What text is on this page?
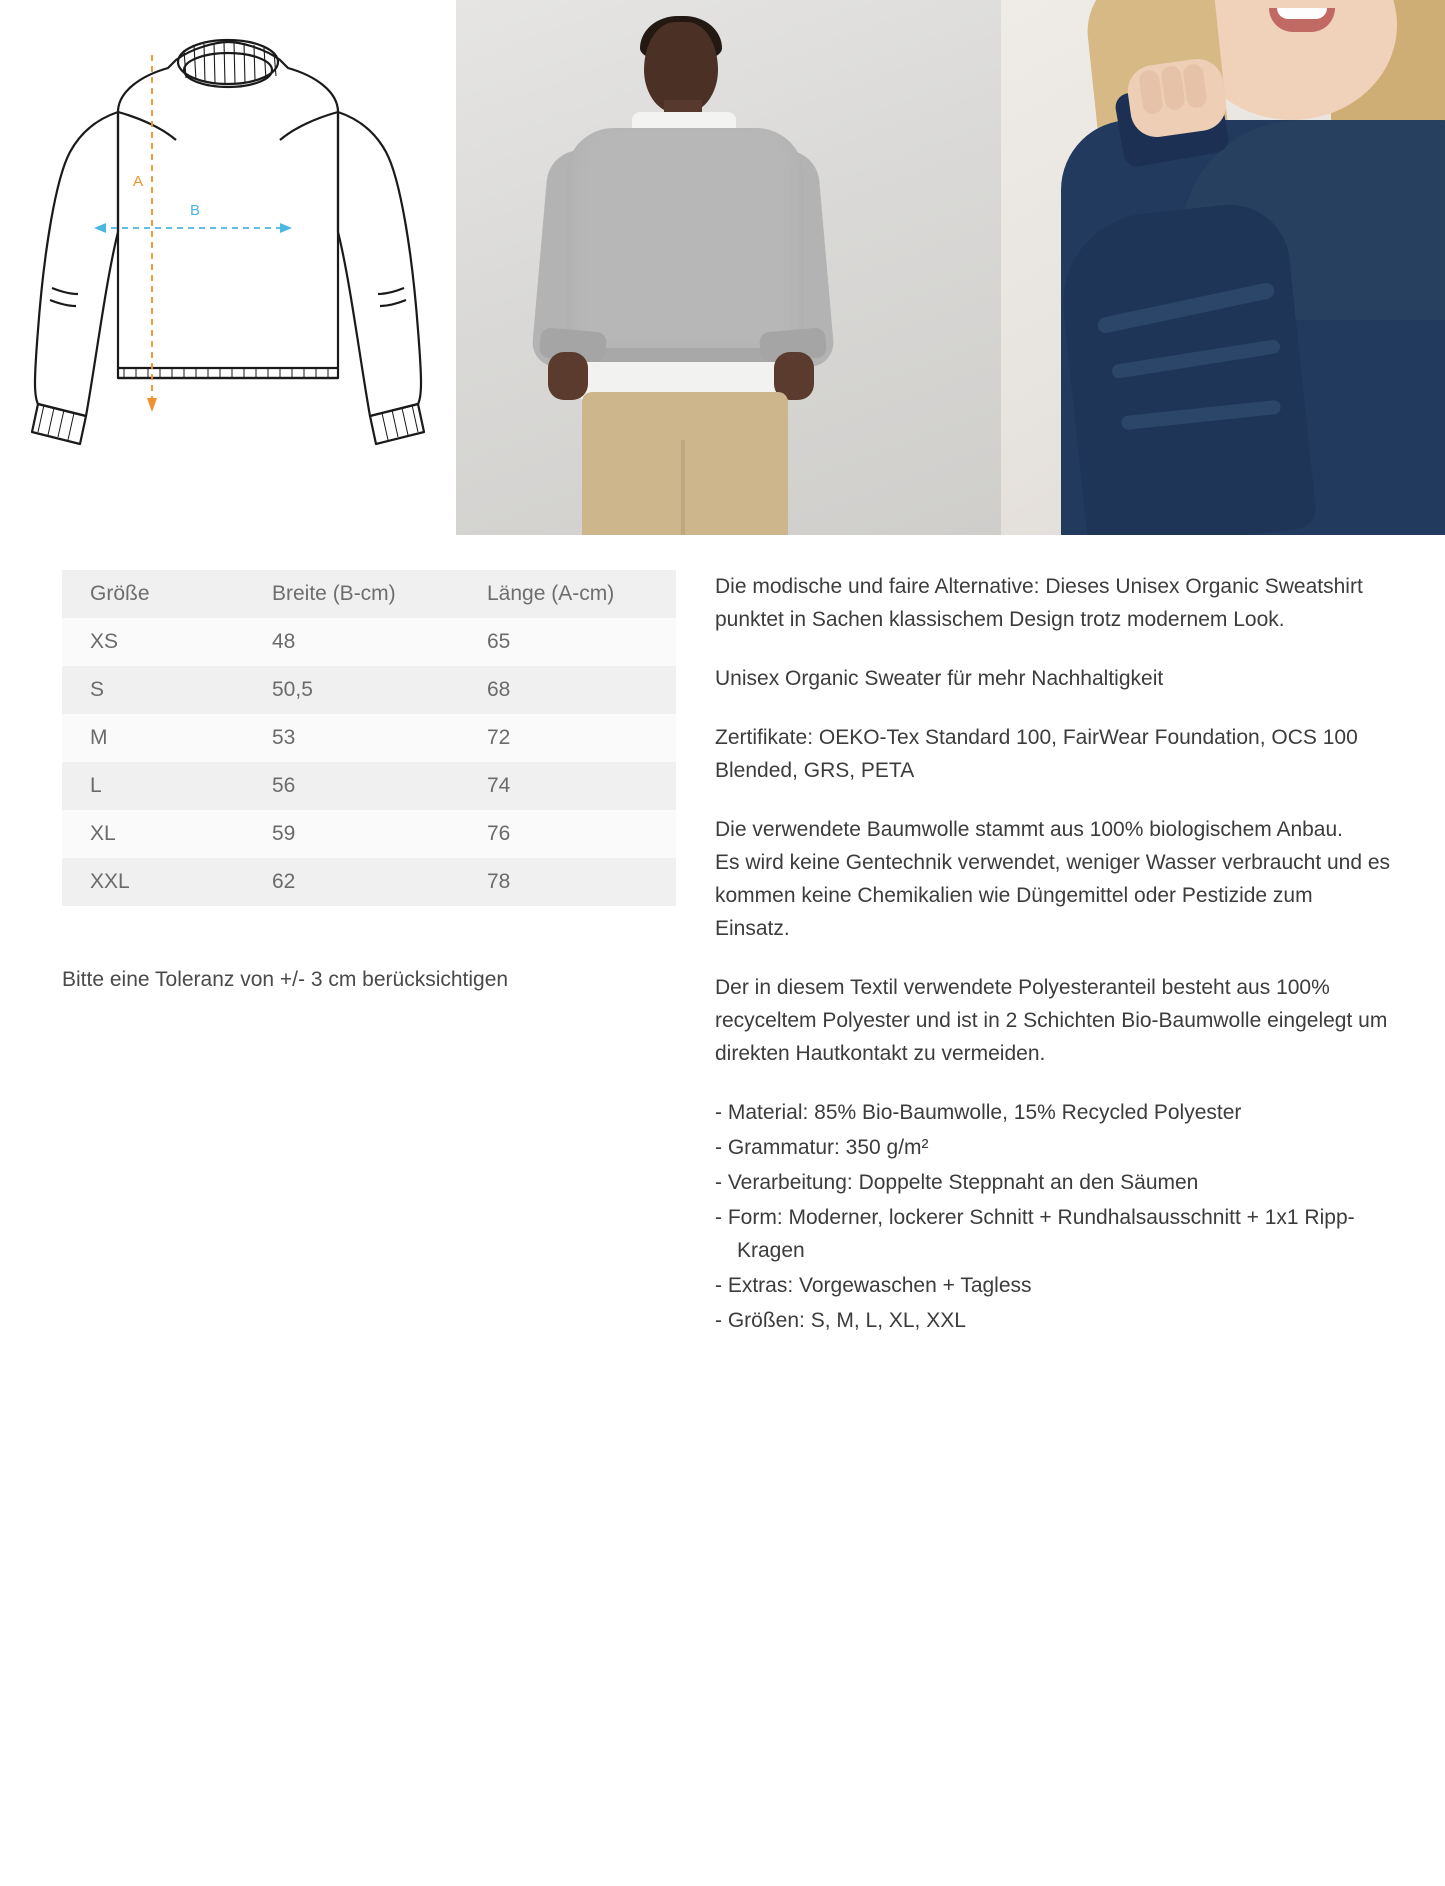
A
B
Größe	Breite (B-cm)	Länge (A-cm)
XS	48	65
S	50,5	68
M	53	72
L	56	74
XL	59	76
XXL	62	78
Bitte eine Toleranz von +/- 3 cm berücksichtigen

Die modische und faire Alternative: Dieses Unisex Organic Sweatshirt punktet in Sachen klassischem Design trotz modernem Look.

Unisex Organic Sweater für mehr Nachhaltigkeit

Zertifikate: OEKO-Tex Standard 100, FairWear Foundation, OCS 100 Blended, GRS, PETA

Die verwendete Baumwolle stammt aus 100% biologischem Anbau.

Es wird keine Gentechnik verwendet, weniger Wasser verbraucht und es kommen keine Chemikalien wie Düngemittel oder Pestizide zum Einsatz.

Der in diesem Textil verwendete Polyesteranteil besteht aus 100% recyceltem Polyester und ist in 2 Schichten Bio-Baumwolle eingelegt um direkten Hautkontakt zu vermeiden.

- Material: 85% Bio-Baumwolle, 15% Recycled Polyester
- Grammatur: 350 g/m²
- Verarbeitung: Doppelte Steppnaht an den Säumen
- Form: Moderner, lockerer Schnitt + Rundhalsausschnitt + 1x1 Ripp-Kragen
- Extras: Vorgewaschen + Tagless
- Größen: S, M, L, XL, XXL
